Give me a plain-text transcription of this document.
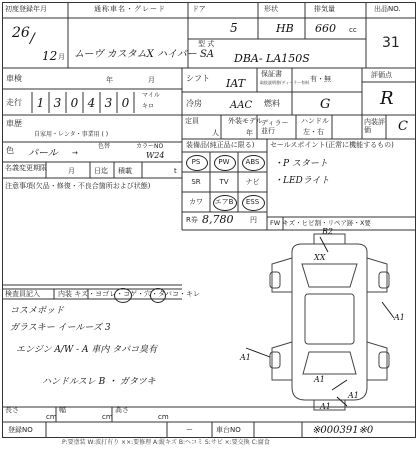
初度登録年月
26 /
12 月
通称車名・グレード
ムーヴ カスタムX ハイパー SA
ドア
5
形状
HB
排気量
660 cc
型 式
DBA- LA150S
出品NO.
31
車検	年	月
走行	1 3 0 4 3 0
マイル
キロ
車歴
自家用・レンタ・事業用 ( )
色 パール →
色替	カラーNO
W24
名義変更期限	月	日迄 積載	t
注意事項(欠品・修復・不良合箇所および状態)
シフト IAT
冷房	AAC
定員
人
外装モデル
年
保証書
取扱説明書/ディーラー有料 有・無
燃料	G
ディラー並行
ハンドル
左・右
評価点
R
内装評価	C
装備品(純正品に限る)
PS	PW	ABS
SR	TV	ナビ
カワ	エアB	ESS
R券 8,780 円
セールスポイント(正常に機能するもの)
・P スタート
・LEDライト
FW キズ・ヒビ割・リペア跡・X要
検査員記入	内装 キズ・ヨゴレ・コゲ・穴・タバコ・キレ
コスメポッド
ガラスキー イールーズ 3
エンジン A/W - A 車内 タバコ臭有
ハンドルスレ B ・ ガタツキ
B2
XX
A1
A1
A1
A1
A1
長さ
cm
幅
cm
高さ
cm
登録NO	ー	車台NO	※000391※0
P:要塗装 W:波打有り ××:要修理 A:縦キズ B:ヘコミ S:サビ ×:要交換 C:腐食
